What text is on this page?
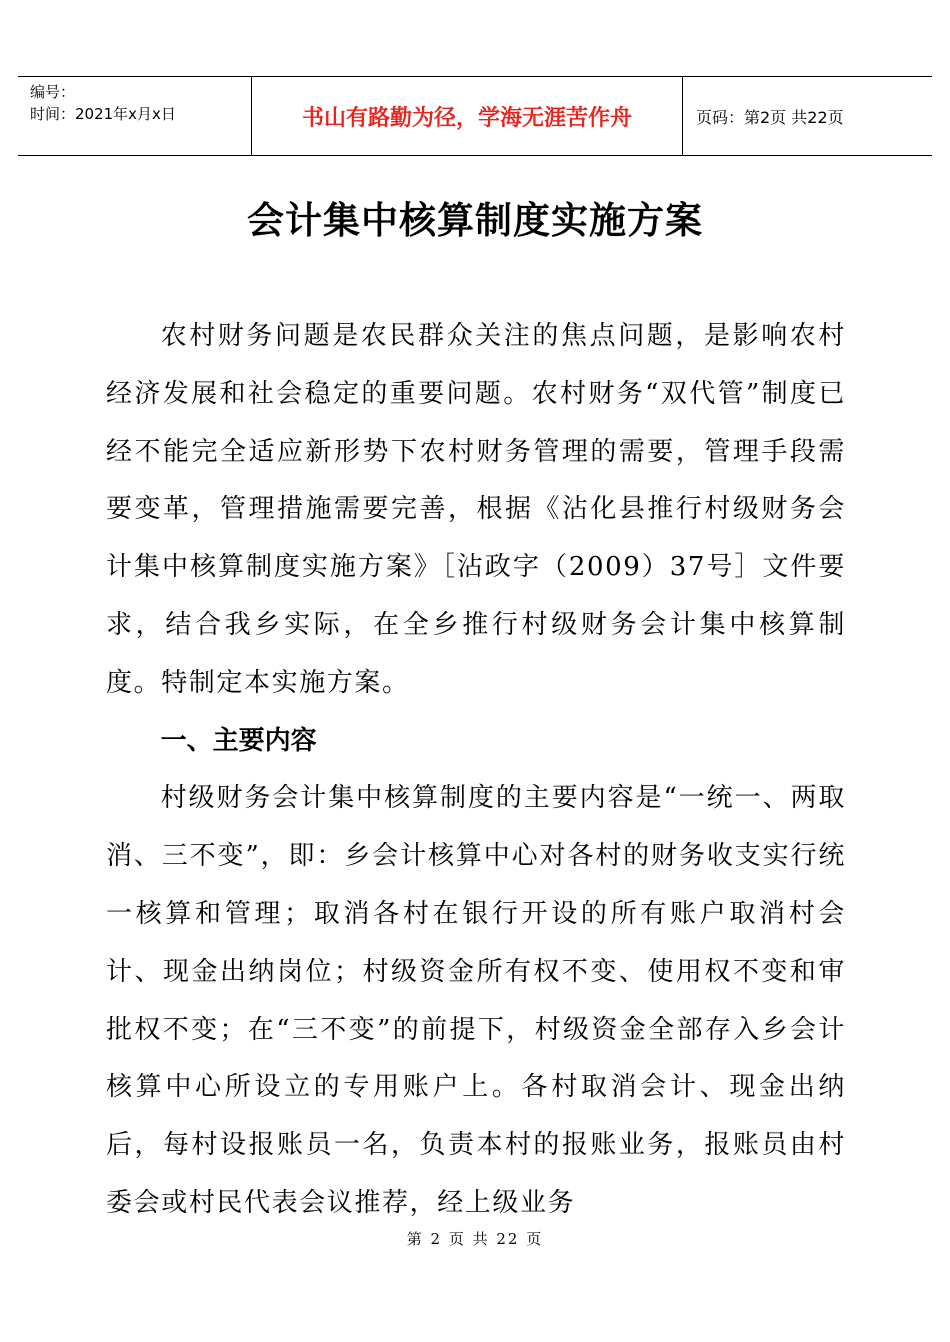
编号：
时间：2021年x月x日	书山有路勤为径，学海无涯苦作舟	页码：第2页 共22页
会计集中核算制度实施方案

农村财务问题是农民群众关注的焦点问题，是影响农村经济发展和社会稳定的重要问题。农村财务“双代管”制度已经不能完全适应新形势下农村财务管理的需要，管理手段需要变革，管理措施需要完善，根据《沾化县推行村级财务会计集中核算制度实施方案》［沾政字（2009）37号］文件要求，结合我乡实际，在全乡推行村级财务会计集中核算制度。特制定本实施方案。

一、主要内容

村级财务会计集中核算制度的主要内容是“一统一、两取消、三不变”，即：乡会计核算中心对各村的财务收支实行统一核算和管理；取消各村在银行开设的所有账户取消村会计、现金出纳岗位；村级资金所有权不变、使用权不变和审批权不变；在“三不变”的前提下，村级资金全部存入乡会计核算中心所设立的专用账户上。各村取消会计、现金出纳后，每村设报账员一名，负责本村的报账业务，报账员由村委会或村民代表会议推荐，经上级业务

第 2 页 共 22 页
